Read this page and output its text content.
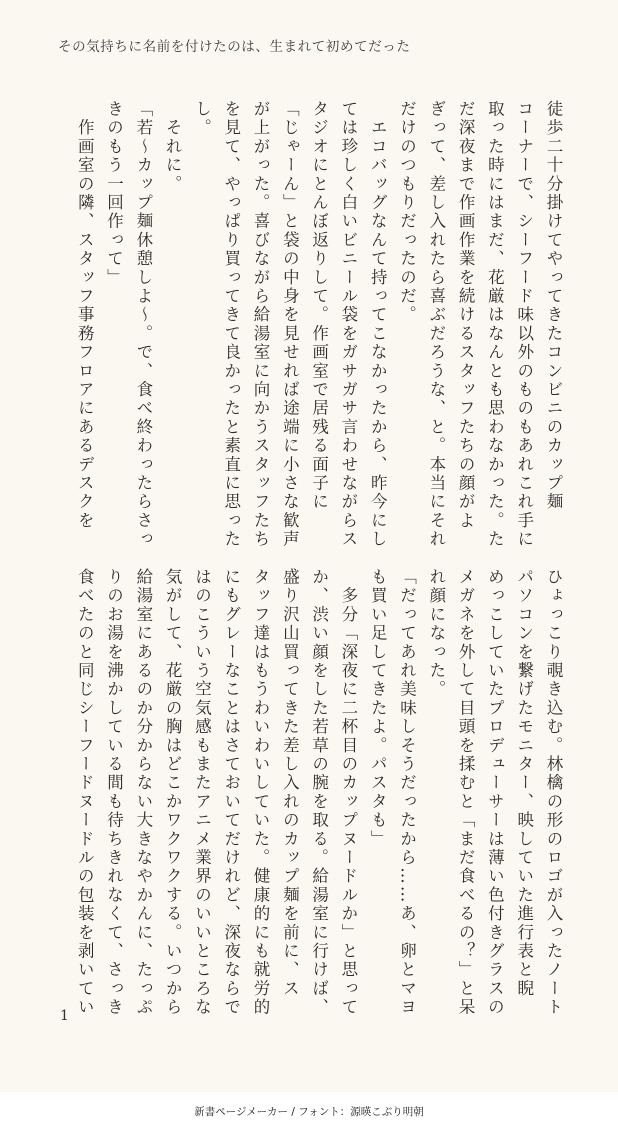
その気持ちに名前を付けたのは、生まれて初めてだった
徒歩二十分掛けてやってきたコンビニのカップ麺
コーナーで、シーフード味以外のものもあれこれ手に
取った時にはまだ、花厳はなんとも思わなかった。た
だ深夜まで作画作業を続けるスタッフたちの顔がよ
ぎって、差し入れたら喜ぶだろうな、と。本当にそれ
だけのつもりだったのだ。
　エコバッグなんて持ってこなかったから、昨今にし
ては珍しく白いビニール袋をガサガサ言わせながらス
タジオにとんぼ返りして。作画室で居残る面子に
「じゃーん」と袋の中身を見せれば途端に小さな歓声
が上がった。喜びながら給湯室に向かうスタッフたち
を見て、やっぱり買ってきて良かったと素直に思った
し。
　それに。
「若～カップ麺休憩しよ～。で、食べ終わったらさっ
きのもう一回作って」
　作画室の隣、スタッフ事務フロアにあるデスクを
ひょっこり覗き込む。林檎の形のロゴが入ったノート
パソコンを繋げたモニター、映していた進行表と睨
めっこしていたプロデューサーは薄い色付きグラスの
メガネを外して目頭を揉むと「まだ食べるの？」と呆
れ顔になった。
「だってあれ美味しそうだったから……あ、卵とマヨ
も買い足してきたよ。パスタも」
　多分「深夜に二杯目のカップヌードルか」と思って
か、渋い顔をした若草の腕を取る。給湯室に行けば、
盛り沢山買ってきた差し入れのカップ麺を前に、ス
タッフ達はもうわいわいしていた。健康的にも就労的
にもグレーなことはさておいてだけれど、深夜ならで
はのこういう空気感もまたアニメ業界のいいところな
気がして、花厳の胸はどこかワクワクする。いつから
給湯室にあるのか分からない大きなやかんに、たっぷ
りのお湯を沸かしている間も待ちきれなくて、さっき
食べたのと同じシーフードヌードルの包装を剥いてい
1
新書ページメーカー / フォント：源暎こぶり明朝
